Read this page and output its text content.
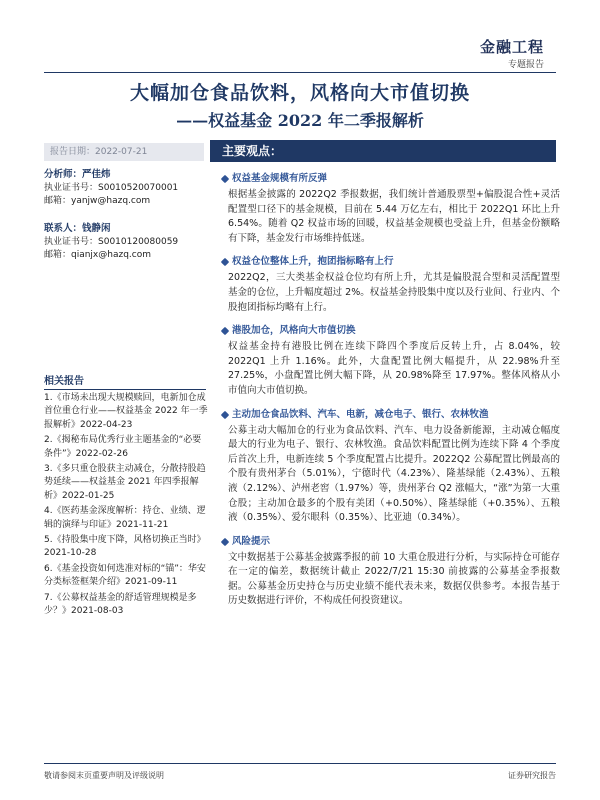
金融工程
专题报告
大幅加仓食品饮料，风格向大市值切换
——权益基金 2022 年二季报解析
报告日期：2022-07-21	主要观点：
分析师：严佳炜
执业证书号：S0010520070001
邮箱：yanjw@hazq.com
联系人：钱静闲
执业证书号：S0010120080059
邮箱：qianjx@hazq.com
相关报告
1.《市场未出现大规模赎回，电新加仓成首位重仓行业——权益基金 2022 年一季报解析》2022-04-23
2.《揭秘布局优秀行业主题基金的“必要条件”》2022-02-26
3.《多只重仓股获主动减仓，分散持股趋势延续——权益基金 2021 年四季报解析》2022-01-25
4.《医药基金深度解析：持仓、业绩、逻辑的演绎与印证》2021-11-21
5.《持股集中度下降，风格切换正当时》2021-10-28
6.《基金投资如何选准对标的“锚”：华安分类标签框架介绍》2021-09-11
7.《公募权益基金的舒适管理规模是多少？》2021-08-03
权益基金规模有所反弹
根据基金披露的 2022Q2 季报数据，我们统计普通股票型+偏股混合性+灵活配置型口径下的基金规模，目前在 5.44 万亿左右，相比于 2022Q1 环比上升 6.54%。随着 Q2 权益市场的回暖，权益基金规模也受益上升，但基金份额略有下降，基金发行市场维持低迷。
权益仓位整体上升，抱团指标略有上行
2022Q2，三大类基金权益仓位均有所上升，尤其是偏股混合型和灵活配置型基金的仓位，上升幅度超过 2%。权益基金持股集中度以及行业间、行业内、个股抱团指标均略有上行。
港股加仓，风格向大市值切换
权益基金持有港股比例在连续下降四个季度后反转上升，占 8.04%，较 2022Q1 上升 1.16%。此外，大盘配置比例大幅提升，从 22.98%升至 27.25%，小盘配置比例大幅下降，从 20.98%降至 17.97%。整体风格从小市值向大市值切换。
主动加仓食品饮料、汽车、电新，减仓电子、银行、农林牧渔
公募主动大幅加仓的行业为食品饮料、汽车、电力设备新能源，主动减仓幅度最大的行业为电子、银行、农林牧渔。食品饮料配置比例为连续下降 4 个季度后首次上升，电新连续 5 个季度配置占比提升。2022Q2 公募配置比例最高的个股有贵州茅台（5.01%），宁德时代（4.23%）、隆基绿能（2.43%）、五粮液（2.12%）、泸州老窖（1.97%）等，贵州茅台 Q2 涨幅大，“涨”为第一大重仓股；主动加仓最多的个股有美团（+0.50%）、隆基绿能（+0.35%）、五粮液（0.35%）、爱尔眼科（0.35%）、比亚迪（0.34%）。
风险提示
文中数据基于公募基金披露季报的前 10 大重仓股进行分析，与实际持仓可能存在一定的偏差，数据统计截止 2022/7/21 15:30 前披露的公募基金季报数据。公募基金历史持仓与历史业绩不能代表未来，数据仅供参考。本报告基于历史数据进行评价，不构成任何投资建议。
敬请参阅末页重要声明及评级说明	证券研究报告
